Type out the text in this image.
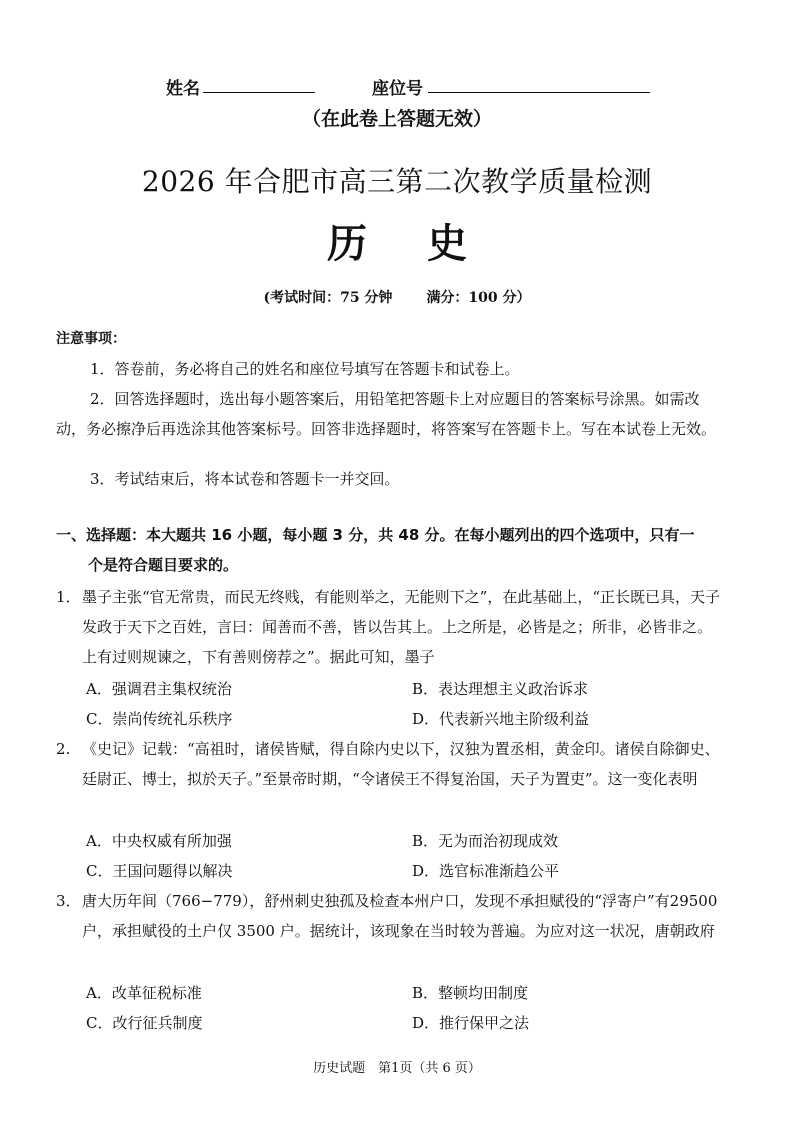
姓名	座位号
（在此卷上答题无效）
2026 年合肥市高三第二次教学质量检测
历史
(考试时间：75 分钟 满分：100 分）
注意事项：
1．答卷前，务必将自己的姓名和座位号填写在答题卡和试卷上。
2．回答选择题时，选出每小题答案后，用铅笔把答题卡上对应题目的答案标号涂黑。如需改动，务必擦净后再选涂其他答案标号。回答非选择题时，将答案写在答题卡上。写在本试卷上无效。
3．考试结束后，将本试卷和答题卡一并交回。
一、选择题：本大题共 16 小题，每小题 3 分，共 48 分。在每小题列出的四个选项中，只有一
个是符合题目要求的。
1． 墨子主张“官无常贵，而民无终贱，有能则举之，无能则下之”，在此基础上，“正长既已具，天子发政于天下之百姓，言曰：闻善而不善，皆以告其上。上之所是，必皆是之；所非，必皆非之。上有过则规谏之，下有善则傍荐之”。据此可知，墨子
A．强调君主集权统治	B．表达理想主义政治诉求
C．崇尚传统礼乐秩序	D．代表新兴地主阶级利益
2. 《史记》记载：“高祖时，诸侯皆赋，得自除内史以下，汉独为置丞相，黄金印。诸侯自除御史、廷尉正、博士，拟於天子。”至景帝时期，“令诸侯王不得复治国，天子为置吏”。这一变化表明
A．中央权威有所加强	B．无为而治初现成效
C．王国问题得以解决	D．选官标准渐趋公平
3． 唐大历年间（766−779），舒州刺史独孤及检查本州户口，发现不承担赋役的“浮寄户”有29500 户，承担赋役的土户仅 3500 户。据统计，该现象在当时较为普遍。为应对这一状况，唐朝政府
A．改革征税标准	B．整顿均田制度
C．改行征兵制度	D．推行保甲之法
历史试题　第1页（共 6 页）
